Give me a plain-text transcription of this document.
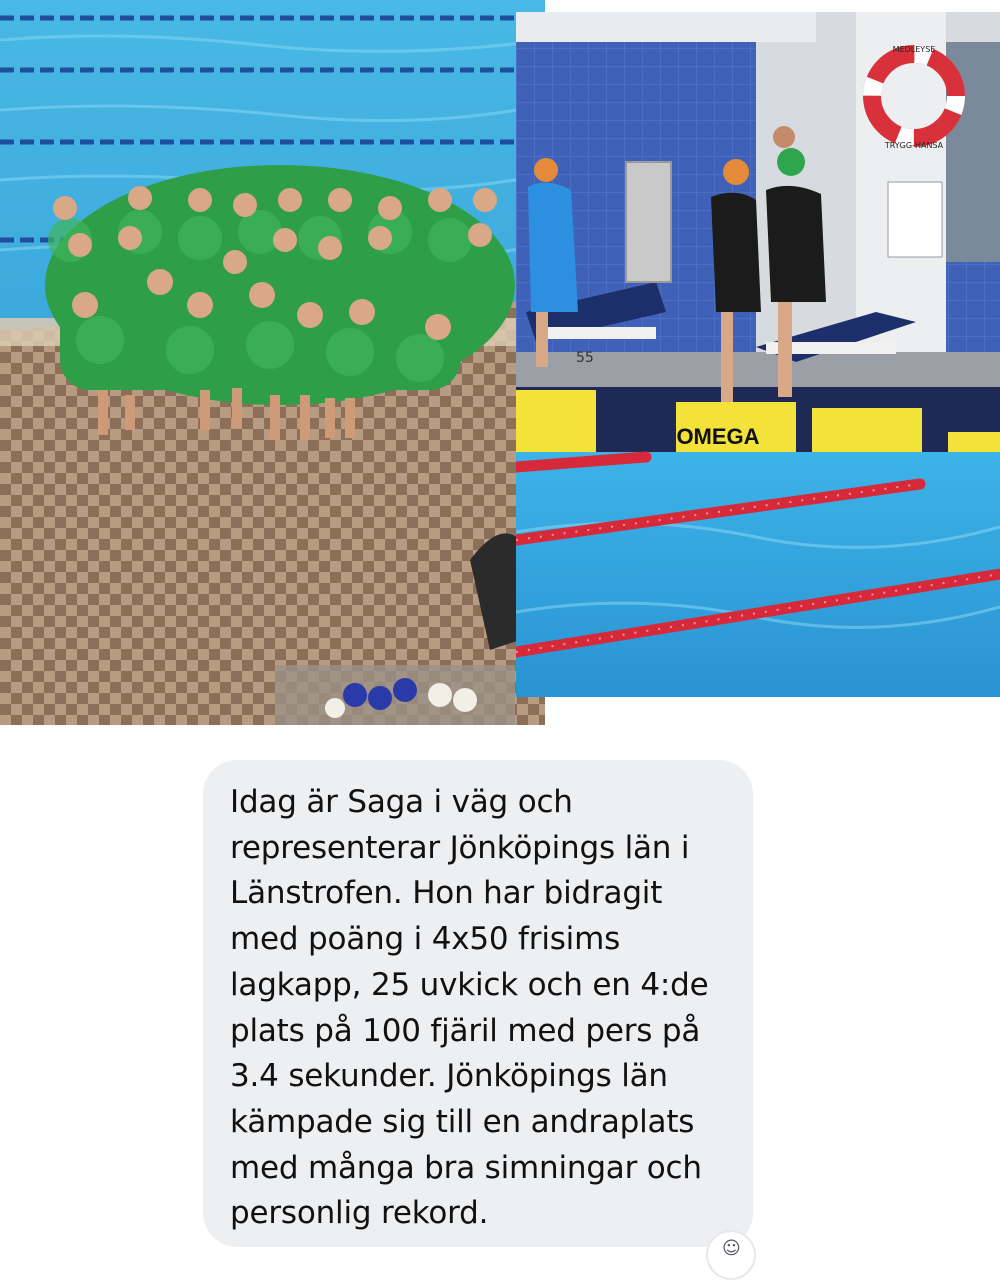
MEDLEYSE
TRYGG-HANSA
OMEGA
55
Idag är Saga i väg och
representerar Jönköpings län i
Länstrofen. Hon har bidragit
med poäng i 4x50 frisims
lagkapp, 25 uvkick och en 4:de
plats på 100 fjäril med pers på
3.4 sekunder. Jönköpings län
kämpade sig till en andraplats
med många bra simningar och
personlig rekord.
☺
